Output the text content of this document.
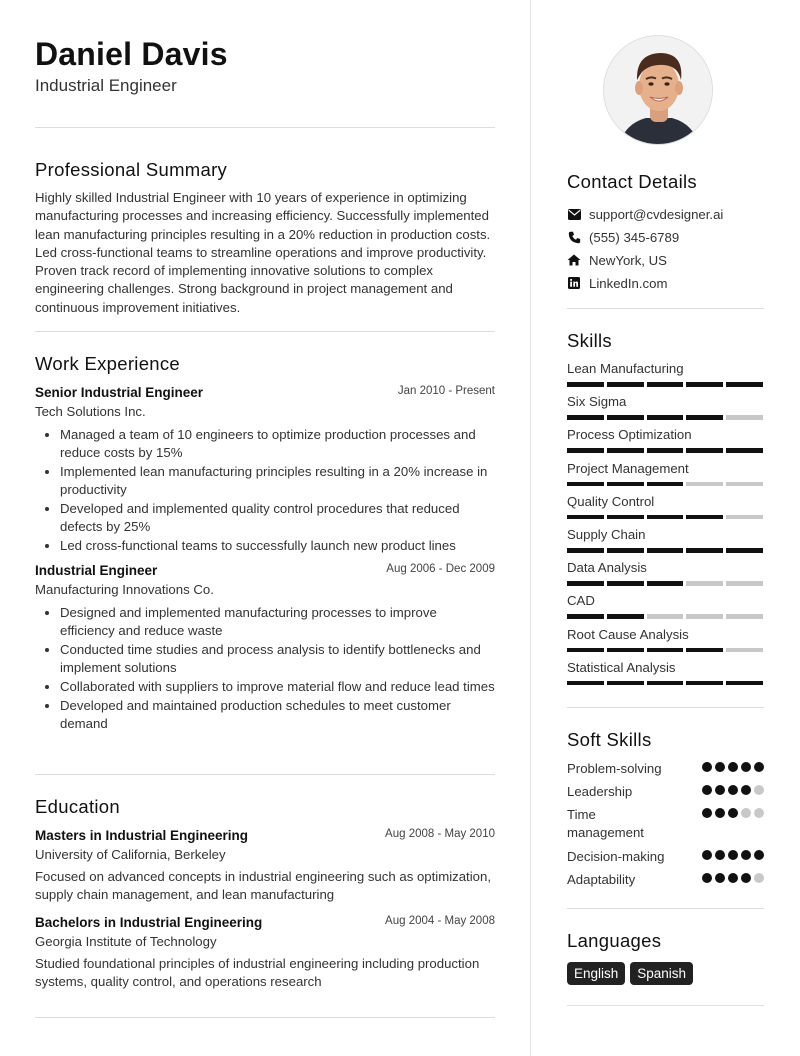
Daniel Davis
Industrial Engineer
Professional Summary
Highly skilled Industrial Engineer with 10 years of experience in optimizing manufacturing processes and increasing efficiency. Successfully implemented lean manufacturing principles resulting in a 20% reduction in production costs. Led cross-functional teams to streamline operations and improve productivity. Proven track record of implementing innovative solutions to complex engineering challenges. Strong background in project management and continuous improvement initiatives.
Work Experience
Senior Industrial Engineer	Jan 2010 - Present
Tech Solutions Inc.
• Managed a team of 10 engineers to optimize production processes and reduce costs by 15%
• Implemented lean manufacturing principles resulting in a 20% increase in productivity
• Developed and implemented quality control procedures that reduced defects by 25%
• Led cross-functional teams to successfully launch new product lines
Industrial Engineer	Aug 2006 - Dec 2009
Manufacturing Innovations Co.
• Designed and implemented manufacturing processes to improve efficiency and reduce waste
• Conducted time studies and process analysis to identify bottlenecks and implement solutions
• Collaborated with suppliers to improve material flow and reduce lead times
• Developed and maintained production schedules to meet customer demand
Education
Masters in Industrial Engineering	Aug 2008 - May 2010
University of California, Berkeley
Focused on advanced concepts in industrial engineering such as optimization, supply chain management, and lean manufacturing
Bachelors in Industrial Engineering	Aug 2004 - May 2008
Georgia Institute of Technology
Studied foundational principles of industrial engineering including production systems, quality control, and operations research
Contact Details
support@cvdesigner.ai
(555) 345-6789
NewYork, US
LinkedIn.com
Skills
Lean Manufacturing
Six Sigma
Process Optimization
Project Management
Quality Control
Supply Chain
Data Analysis
CAD
Root Cause Analysis
Statistical Analysis
Soft Skills
Problem-solving
Leadership
Time management
Decision-making
Adaptability
Languages
English	Spanish
